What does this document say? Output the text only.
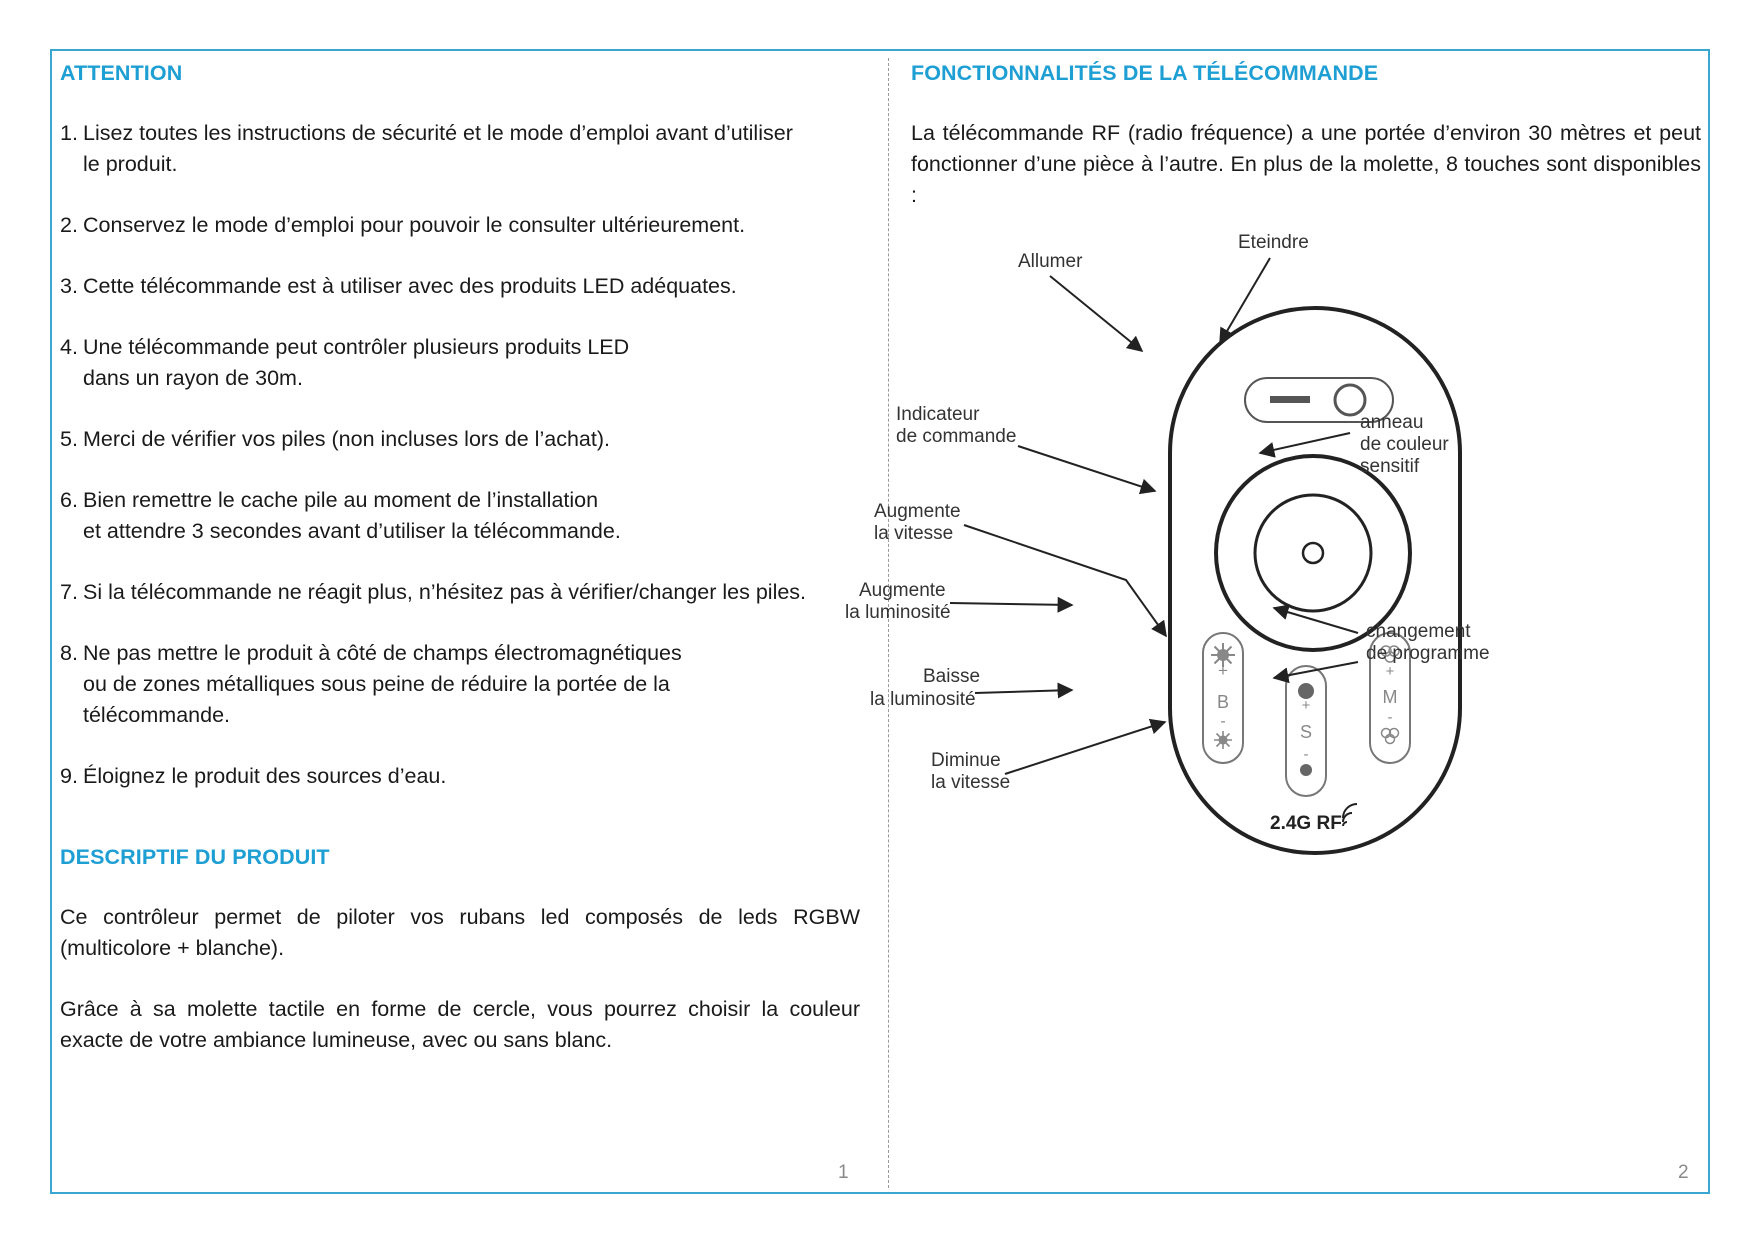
ATTENTION
1. Lisez toutes les instructions de sécurité et le mode d’emploi avant d’utiliser
le produit.
2. Conservez le mode d’emploi pour pouvoir le consulter ultérieurement.
3. Cette télécommande est à utiliser avec des produits LED adéquates.
4. Une télécommande peut contrôler plusieurs produits LED
dans un rayon de 30m.
5. Merci de vérifier vos piles (non incluses lors de l’achat).
6. Bien remettre le cache pile au moment de l’installation
et attendre 3 secondes avant d’utiliser la télécommande.
7. Si la télécommande ne réagit plus, n’hésitez pas à vérifier/changer les piles.
8. Ne pas mettre le produit à côté de champs électromagnétiques
ou de zones métalliques sous peine de réduire la portée de la
télécommande.
9. Éloignez le produit des sources d’eau.
DESCRIPTIF DU PRODUIT

Ce contrôleur permet de piloter vos rubans led composés de leds RGBW (multicolore + blanche).

Grâce à sa molette tactile en forme de cercle, vous pourrez choisir la couleur exacte de votre ambiance lumineuse, avec ou sans blanc.

1
FONCTIONNALITÉS DE LA TÉLÉCOMMANDE

La télécommande RF (radio fréquence) a une portée d’environ 30 mètres et peut fonctionner d’une pièce à l’autre. En plus de la molette, 8 touches sont disponibles :

2
+
B
-
+
S
-
+
M
-
2.4G RF
Allumer
Eteindre
Indicateur
de commande
anneau
de couleur
sensitif
Augmente
la vitesse
Augmente
la luminosité
Baisse
la luminosité
Diminue
la vitesse
changement
de programme
